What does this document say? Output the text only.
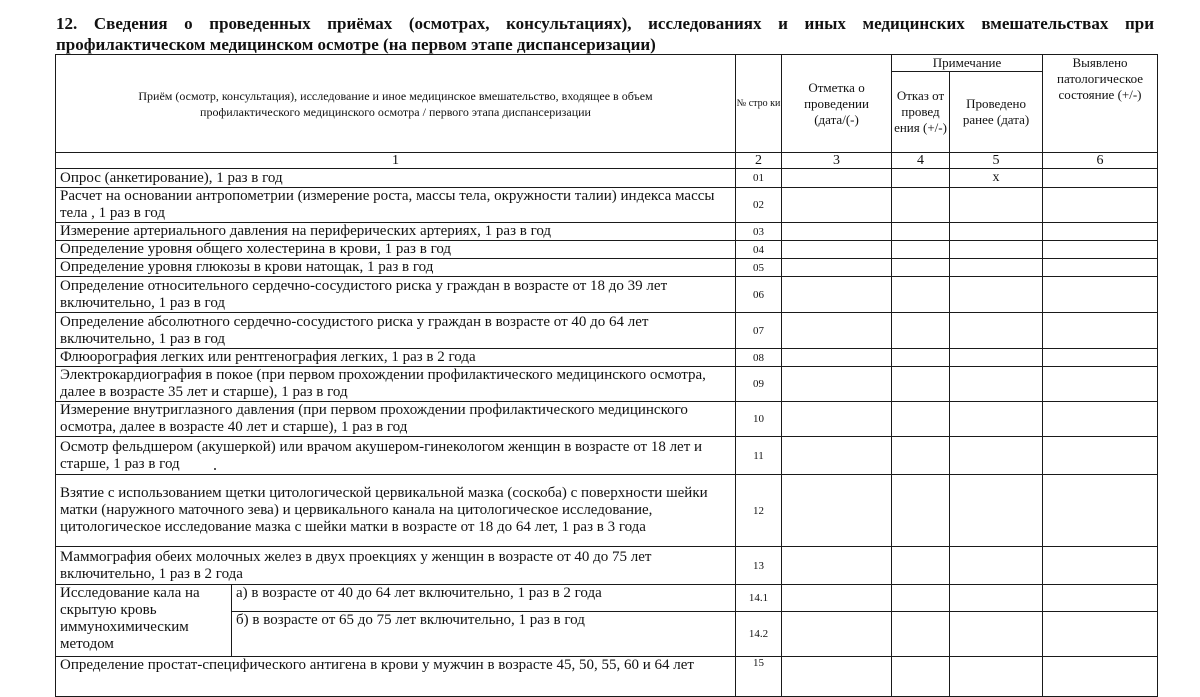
12. Сведения о проведенных приёмах (осмотрах, консультациях), исследованиях и иных медицинских вмешательствах при
профилактическом медицинском осмотре (на первом этапе диспансеризации)
Приём (осмотр, консультация), исследование и иное медицинское вмешательство, входящее в объем профилактического медицинского осмотра / первого этапа диспансеризации		№ стро ки	Отметка о проведении (дата/(-)	Примечание		Выявлено патологическое состояние (+/-)
				Отказ от провед ения (+/-)	Проведено ранее (дата)	
1		2	3	4	5	6
Опрос (анкетирование), 1 раз в год		01			x	
Расчет на основании антропометрии (измерение роста, массы тела, окружности талии) индекса массы тела , 1 раз в год		02				
Измерение артериального давления на периферических артериях, 1 раз в год		03				
Определение уровня общего холестерина в крови, 1 раз в год		04				
Определение уровня глюкозы в крови натощак, 1 раз в год		05				
Определение относительного сердечно-сосудистого риска у граждан в возрасте от 18 до 39 лет включительно, 1 раз в год		06				
Определение абсолютного сердечно-сосудистого риска у граждан в возрасте от 40 до 64 лет включительно, 1 раз в год		07				
Флюорография легких или рентгенография легких, 1 раз в 2 года		08				
Электрокардиография в покое (при первом прохождении профилактического медицинского осмотра, далее в возрасте 35 лет и старше), 1 раз в год		09				
Измерение внутриглазного давления (при первом прохождении профилактического медицинского осмотра, далее в возрасте 40 лет и старше), 1 раз в год		10				
Осмотр фельдшером (акушеркой) или врачом акушером-гинекологом женщин в возрасте от 18 лет и старше, 1 раз в год		11				
Взятие с использованием щетки цитологической цервикальной мазка (соскоба) с поверхности шейки матки (наружного маточного зева) и цервикального канала на цитологическое исследование, цитологическое исследование мазка с шейки матки в возрасте от 18 до 64 лет, 1 раз в 3 года		12				
Маммография обеих молочных желез в двух проекциях у женщин в возрасте от 40 до 75 лет включительно, 1 раз в 2 года		13				
Исследование кала на скрытую кровь иммунохимическим методом	а) в возрасте от 40 до 64 лет включительно, 1 раз в 2 года	14.1				
	б) в возрасте от 65 до 75 лет включительно, 1 раз в год	14.2				
Определение простат-специфического антигена в крови у мужчин в возрасте 45, 50, 55, 60 и 64 лет		15				
